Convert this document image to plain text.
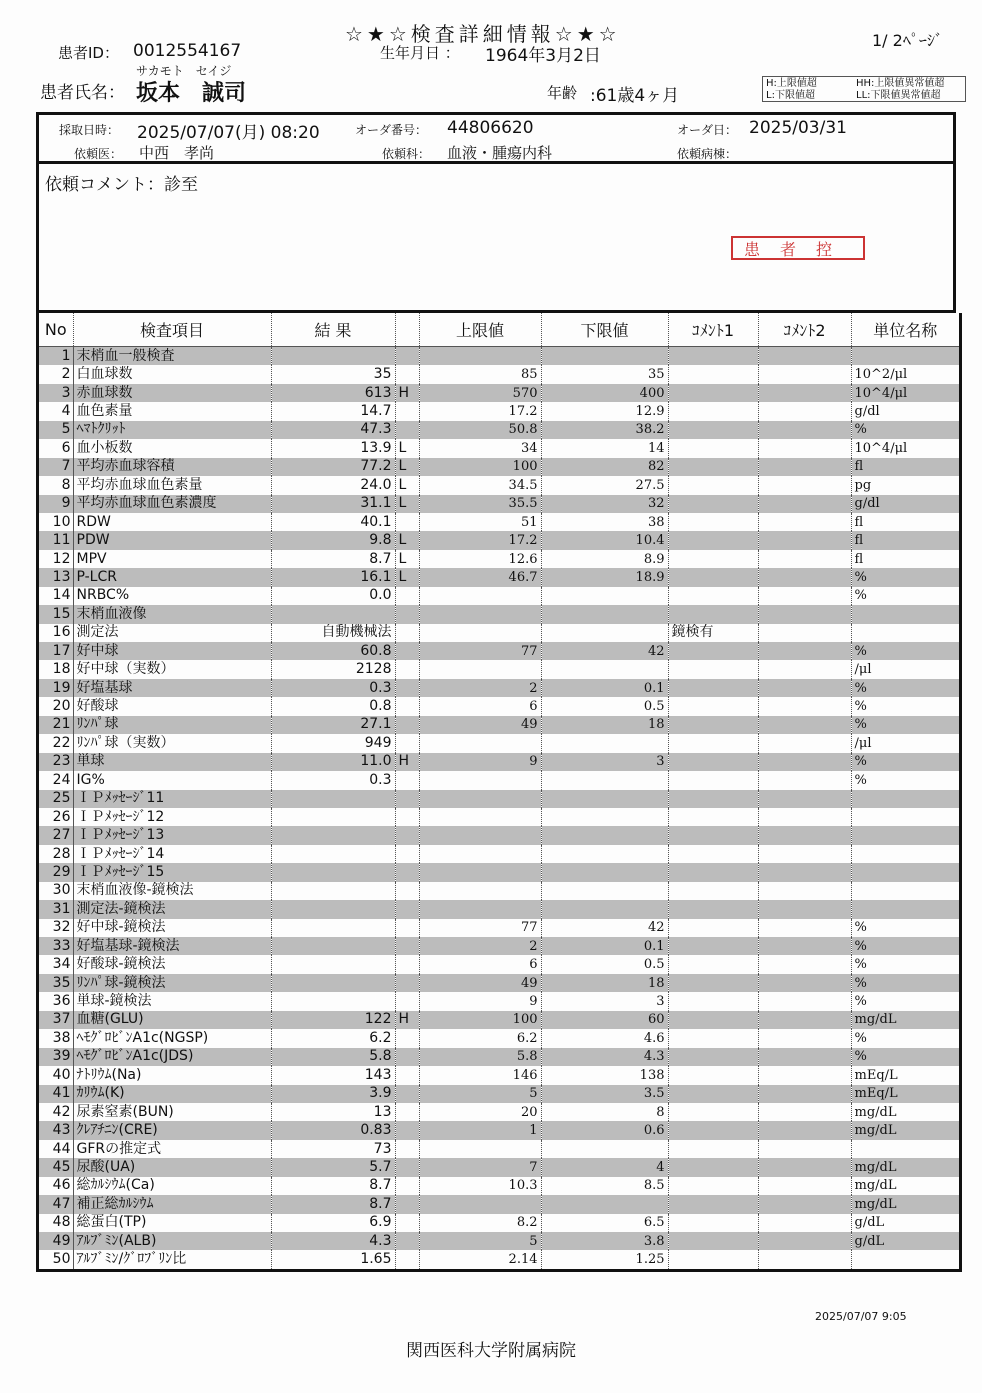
☆★☆検査詳細情報☆★☆	1/ 2ﾍﾟｰｼﾞ
患者ID： 0012554167	生年月日 ： 1964年3月2日
サカモト　セイジ
患者氏名： 坂本　誠司	年齢 :61歳4ヶ月
H:上限値超	HH:上限値異常値超
L:下限値超	LL:下限値異常値超
採取日時： 2025/07/07(月) 08:20	オーダ番号： 44806620	オーダ日： 2025/03/31
依頼医： 中西　孝尚	依頼科： 血液・腫瘍内科	依頼病棟：
依頼コメント：診至
患者控
No	検査項目	結 果		上限値	下限値	ｺﾒﾝﾄ1	ｺﾒﾝﾄ2	単位名称
1	末梢血一般検査							
2	白血球数	35		85	35			10^2/μl
3	赤血球数	613	H	570	400			10^4/μl
4	血色素量	14.7		17.2	12.9			g/dl
5	ﾍﾏﾄｸﾘｯﾄ	47.3		50.8	38.2			%
6	血小板数	13.9	L	34	14			10^4/μl
7	平均赤血球容積	77.2	L	100	82			fl
8	平均赤血球血色素量	24.0	L	34.5	27.5			pg
9	平均赤血球血色素濃度	31.1	L	35.5	32			g/dl
10	RDW	40.1		51	38			fl
11	PDW	9.8	L	17.2	10.4			fl
12	MPV	8.7	L	12.6	8.9			fl
13	P-LCR	16.1	L	46.7	18.9			%
14	NRBC%	0.0						%
15	末梢血液像							
16	測定法	自動機械法				鏡検有		
17	好中球	60.8		77	42			%
18	好中球（実数）	2128						/μl
19	好塩基球	0.3		2	0.1			%
20	好酸球	0.8		6	0.5			%
21	ﾘﾝﾊﾟ球	27.1		49	18			%
22	ﾘﾝﾊﾟ球（実数）	949						/μl
23	単球	11.0	H	9	3			%
24	IG%	0.3						%
25	ＩＰﾒｯｾｰｼﾞ11							
26	ＩＰﾒｯｾｰｼﾞ12							
27	ＩＰﾒｯｾｰｼﾞ13							
28	ＩＰﾒｯｾｰｼﾞ14							
29	ＩＰﾒｯｾｰｼﾞ15							
30	末梢血液像-鏡検法							
31	測定法-鏡検法							
32	好中球-鏡検法			77	42			%
33	好塩基球-鏡検法			2	0.1			%
34	好酸球-鏡検法			6	0.5			%
35	ﾘﾝﾊﾟ球-鏡検法			49	18			%
36	単球-鏡検法			9	3			%
37	血糖(GLU)	122	H	100	60			mg/dL
38	ﾍﾓｸﾞﾛﾋﾞﾝA1c(NGSP)	6.2		6.2	4.6			%
39	ﾍﾓｸﾞﾛﾋﾞﾝA1c(JDS)	5.8		5.8	4.3			%
40	ﾅﾄﾘｳﾑ(Na)	143		146	138			mEq/L
41	ｶﾘｳﾑ(K)	3.9		5	3.5			mEq/L
42	尿素窒素(BUN)	13		20	8			mg/dL
43	ｸﾚｱﾁﾆﾝ(CRE)	0.83		1	0.6			mg/dL
44	GFRの推定式	73						
45	尿酸(UA)	5.7		7	4			mg/dL
46	総ｶﾙｼｳﾑ(Ca)	8.7		10.3	8.5			mg/dL
47	補正総ｶﾙｼｳﾑ	8.7						mg/dL
48	総蛋白(TP)	6.9		8.2	6.5			g/dL
49	ｱﾙﾌﾞﾐﾝ(ALB)	4.3		5	3.8			g/dL
50	ｱﾙﾌﾞﾐﾝ/ｸﾞﾛﾌﾞﾘﾝ比	1.65		2.14	1.25			
2025/07/07 9:05
関西医科大学附属病院
